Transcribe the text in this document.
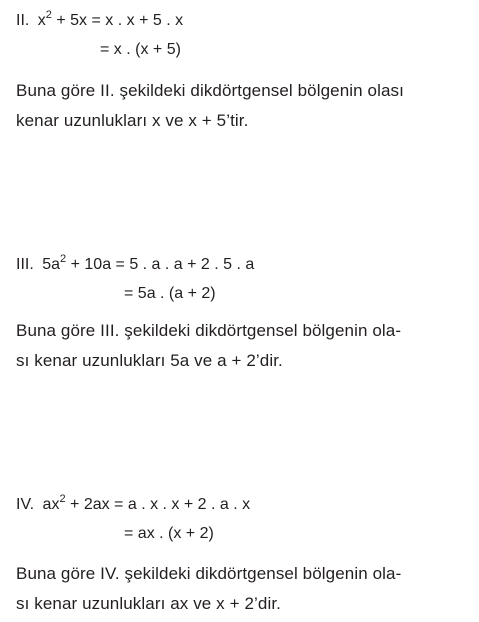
II. $x^2 + 5x = x$ . x + 5 . x
= x . (x + 5)
Buna göre II. şekildeki dikdörtgensel bölgenin olası
kenar uzunlukları x ve x + 5’tir.
III. $5a^2 + 10a = 5$ . a . a + 2 . 5 . a
= 5a . (a + 2)
Buna göre III. şekildeki dikdörtgensel bölgenin ola-
sı kenar uzunlukları 5a ve a + 2’dir.
IV. $ax^2 + 2ax = a$ . x . x + 2 . a . x
= ax . (x + 2)
Buna göre IV. şekildeki dikdörtgensel bölgenin ola-
sı kenar uzunlukları ax ve x + 2’dir.
